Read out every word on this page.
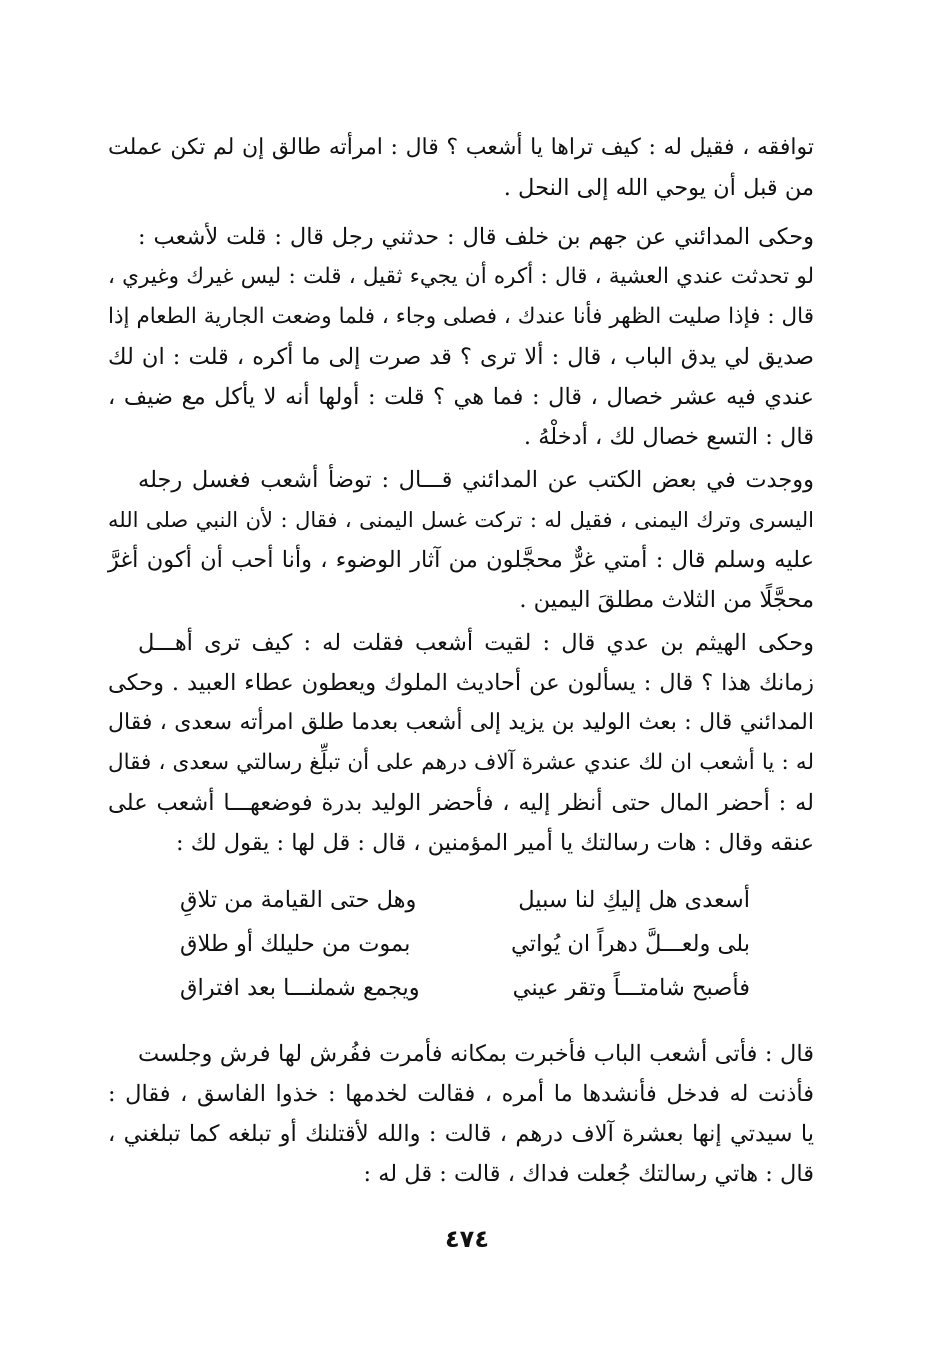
توافقه ، فقيل له : كيف تراها يا أشعب ؟ قال : امرأته طالق إن لم تكن عملت
من قبل أن يوحي الله إلى النحل .
وحكى المدائني عن جهم بن خلف قال : حدثني رجل قال : قلت لأشعب :
لو تحدثت عندي العشية ، قال : أكره أن يجيء ثقيل ، قلت : ليس غيرك وغيري ،
قال : فإذا صليت الظهر فأنا عندك ، فصلى وجاء ، فلما وضعت الجارية الطعام إذا
صديق لي يدق الباب ، قال : ألا ترى ؟ قد صرت إلى ما أكره ، قلت : ان لك
عندي فيه عشر خصال ، قال : فما هي ؟ قلت : أولها أنه لا يأكل مع ضيف ،
قال : التسع خصال لك ، أدخلْهُ .
ووجدت في بعض الكتب عن المدائني قـــال : توضأ أشعب فغسل رجله
اليسرى وترك اليمنى ، فقيل له : تركت غسل اليمنى ، فقال : لأن النبي صلى الله
عليه وسلم قال : أمتي غرٌّ محجَّلون من آثار الوضوء ، وأنا أحب أن أكون أغرَّ
محجَّلًا من الثلاث مطلقَ اليمين .
وحكى الهيثم بن عدي قال : لقيت أشعب فقلت له : كيف ترى أهـــل
زمانك هذا ؟ قال : يسألون عن أحاديث الملوك ويعطون عطاء العبيد . وحكى
المدائني قال : بعث الوليد بن يزيد إلى أشعب بعدما طلق امرأته سعدى ، فقال
له : يا أشعب ان لك عندي عشرة آلاف درهم على أن تبلِّغ رسالتي سعدى ، فقال
له : أحضر المال حتى أنظر إليه ، فأحضر الوليد بدرة فوضعهـــا أشعب على
عنقه وقال : هات رسالتك يا أمير المؤمنين ، قال : قل لها : يقول لك :
أسعدى هل إليكِ لنا سبيل
وهل حتى القيامة من تلاقِ
بلى ولعـــلَّ دهراً ان يُواتي
بموت من حليلك أو طلاق
فأصبح شامتـــاً وتقر عيني
ويجمع شملنـــا بعد افتراق
قال : فأتى أشعب الباب فأخبرت بمكانه فأمرت ففُرش لها فرش وجلست
فأذنت له فدخل فأنشدها ما أمره ، فقالت لخدمها : خذوا الفاسق ، فقال :
يا سيدتي إنها بعشرة آلاف درهم ، قالت : والله لأقتلنك أو تبلغه كما تبلغني ،
قال : هاتي رسالتك جُعلت فداك ، قالت : قل له :
٤٧٤
